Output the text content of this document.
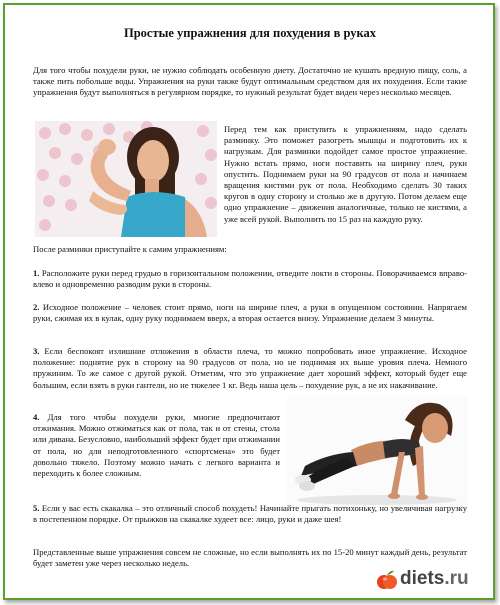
Простые упражнения для похудения в руках
Для того чтобы похудели руки, не нужно соблюдать особенную диету. Достаточно не кушать вредную пищу, соль, а также пить побольше воды. Упражнения на руки также будут оптимальным средством для их похудения. Если такие упражнения будут выполняться в регулярном порядке, то нужный результат будет виден через несколько месяцев.
Перед тем как приступить к упражнениям, надо сделать разминку. Это поможет разогреть мышцы и подготовить их к нагрузкам. Для разминки подойдет самое простое упражнение. Нужно встать прямо, ноги поставить на ширину плеч, руки опустить. Поднимаем руки на 90 градусов от пола и начинаем вращения кистями рук от пола. Необходимо сделать 30 таких кругов в одну сторону и столько же в другую. Потом делаем еще одно упражнение – движения аналогичные, только не кистями, а уже всей рукой. Выполнить по 15 раз на каждую руку.
После разминки приступайте к самим упражнениям:
1. Расположите руки перед грудью в горизонтальном положении, отведите локти в стороны. Поворачиваемся вправо-влево и одновременно разводим руки в стороны.
2. Исходное положение – человек стоит прямо, ноги на ширине плеч, а руки в опущенном состоянии. Напрягаем руки, сжимая их в кулак, одну руку поднимаем вверх, а вторая остается внизу. Упражнение делаем 3 минуты.
3. Если беспокоят излишние отложения в области плеча, то можно попробовать иное упражнение. Исходное положение: поднятие рук в сторону на 90 градусов от пола, но не поднимая их выше уровня плеча. Немного пружиним. То же самое с другой рукой. Отметим, что это упражнение дает хороший эффект, который будет еще большим, если взять в руки гантели, но не тяжелее 1 кг. Ведь наша цель – похудение рук, а не их накачивание.
4. Для того чтобы похудели руки, многие предпочитают отжимания. Можно отжиматься как от пола, так и от стены, стола или дивана. Безусловно, наибольший эффект будет при отжимании от пола, но для неподготовленного «спортсмена» это будет довольно тяжело. Поэтому можно начать с легкого варианта и переходить к более сложным.
5. Если у вас есть скакалка – это отличный способ похудеть! Начинайте прыгать потихоньку, но увеличивая нагрузку в постепенном порядке. От прыжков на скакалке худеет все: лицо, руки и даже шея!
Представленные выше упражнения совсем не сложные, но если выполнять их по 15-20 минут каждый день, результат будет заметен уже через несколько недель.
diets.ru
